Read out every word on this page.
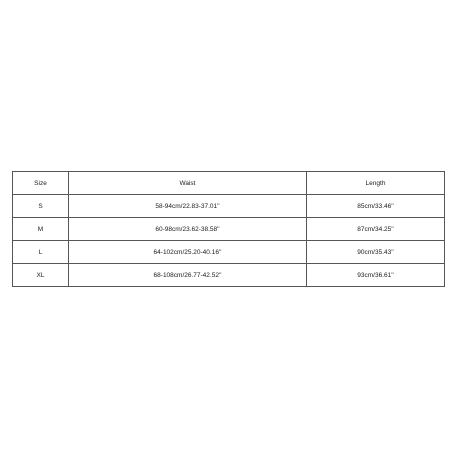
Size	Waist	Length
S	58-94cm/22.83-37.01''	85cm/33.46''
M	60-98cm/23.62-38.58''	87cm/34.25''
L	64-102cm/25.20-40.16''	90cm/35.43''
XL	68-108cm/26.77-42.52''	93cm/36.61''
